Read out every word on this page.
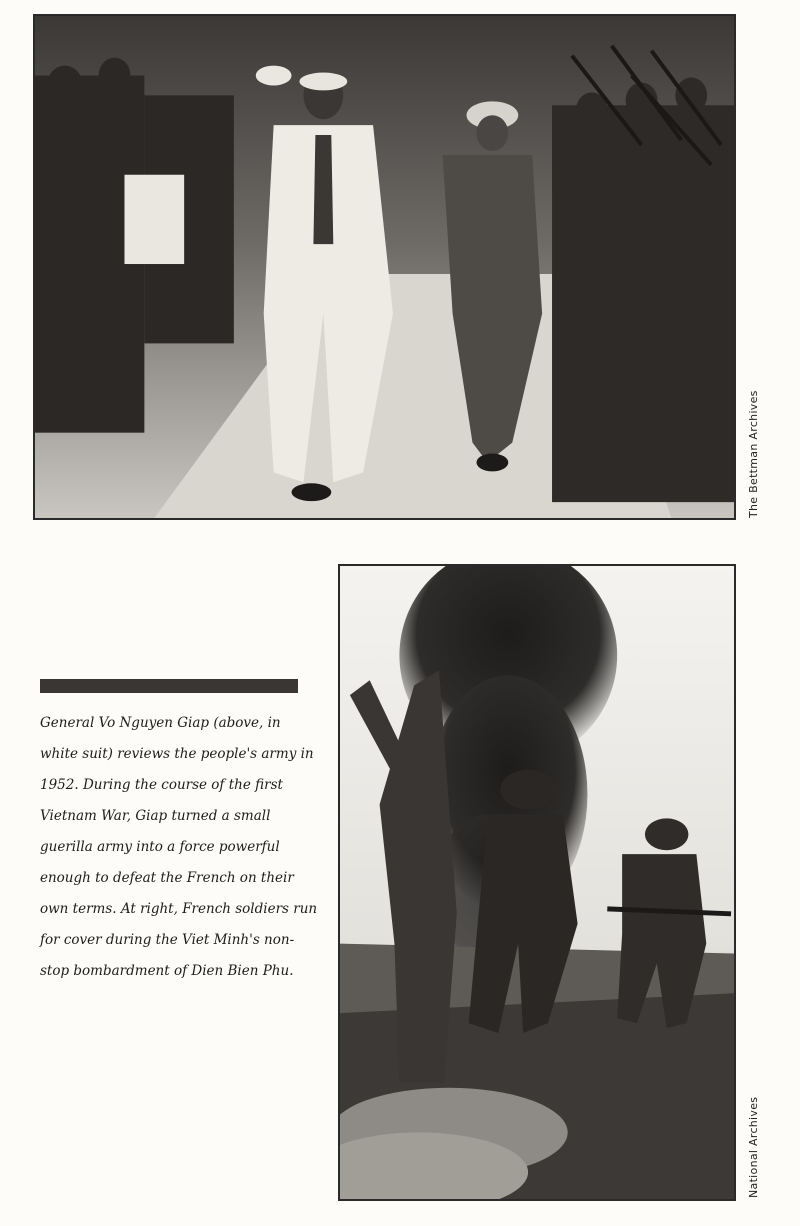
The Bettman Archives
General Vo Nguyen Giap (above, in
white suit) reviews the people's army in
1952. During the course of the first
Vietnam War, Giap turned a small
guerilla army into a force powerful
enough to defeat the French on their
own terms. At right, French soldiers run
for cover during the Viet Minh's non-
stop bombardment of Dien Bien Phu.
National Archives
